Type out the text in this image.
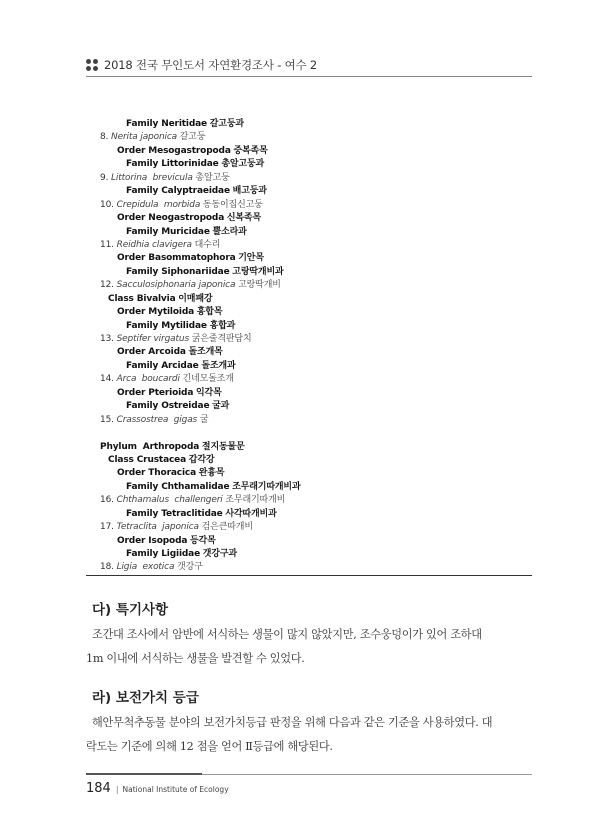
2018 전국 무인도서 자연환경조사 - 여수 2
Family Neritidae 갈고둥과
8. Nerita japonica 갈고둥
Order Mesogastropoda 중복족목
Family Littorinidae 총알고둥과
9. Littorina  brevicula 총알고둥
Family Calyptraeidae 배고둥과
10. Crepidula  morbida 동동이집신고둥
Order Neogastropoda 신복족목
Family Muricidae 뿔소라과
11. Reidhia clavigera 대수리
Order Basommatophora 기안목
Family Siphonariidae 고랑딱개비과
12. Sacculosiphonaria japonica 고랑딱개비
Class Bivalvia 이매패강
Order Mytiloida 홍합목
Family Mytilidae 홍합과
13. Septifer virgatus 굵은줄격판담치
Order Arcoida 돌조개목
Family Arcidae 돌조개과
14. Arca  boucardi 긴네모돌조개
Order Pterioida 익각목
Family Ostreidae 굴과
15. Crassostrea  gigas 굴
Phylum  Arthropoda 절지동물문
Class Crustacea 갑각강
Order Thoracica 완흉목
Family Chthamalidae 조무래기따개비과
16. Chthamalus  challengeri 조무래기따개비
Family Tetraclitidae 사각따개비과
17. Tetraclita  japonica 검은큰따개비
Order Isopoda 등각목
Family Ligiidae 갯강구과
18. Ligia  exotica 갯강구
다) 특기사항
조간대 조사에서 암반에 서식하는 생물이 많지 않았지만, 조수웅덩이가 있어 조하대
1m 이내에 서식하는 생물을 발견할 수 있었다.
라) 보전가치 등급
해안무척추동물 분야의 보전가치등급 판정을 위해 다음과 같은 기준을 사용하였다. 대
락도는 기준에 의해 12 점을 얻어 Ⅱ등급에 해당된다.
184 | National Institute of Ecology
